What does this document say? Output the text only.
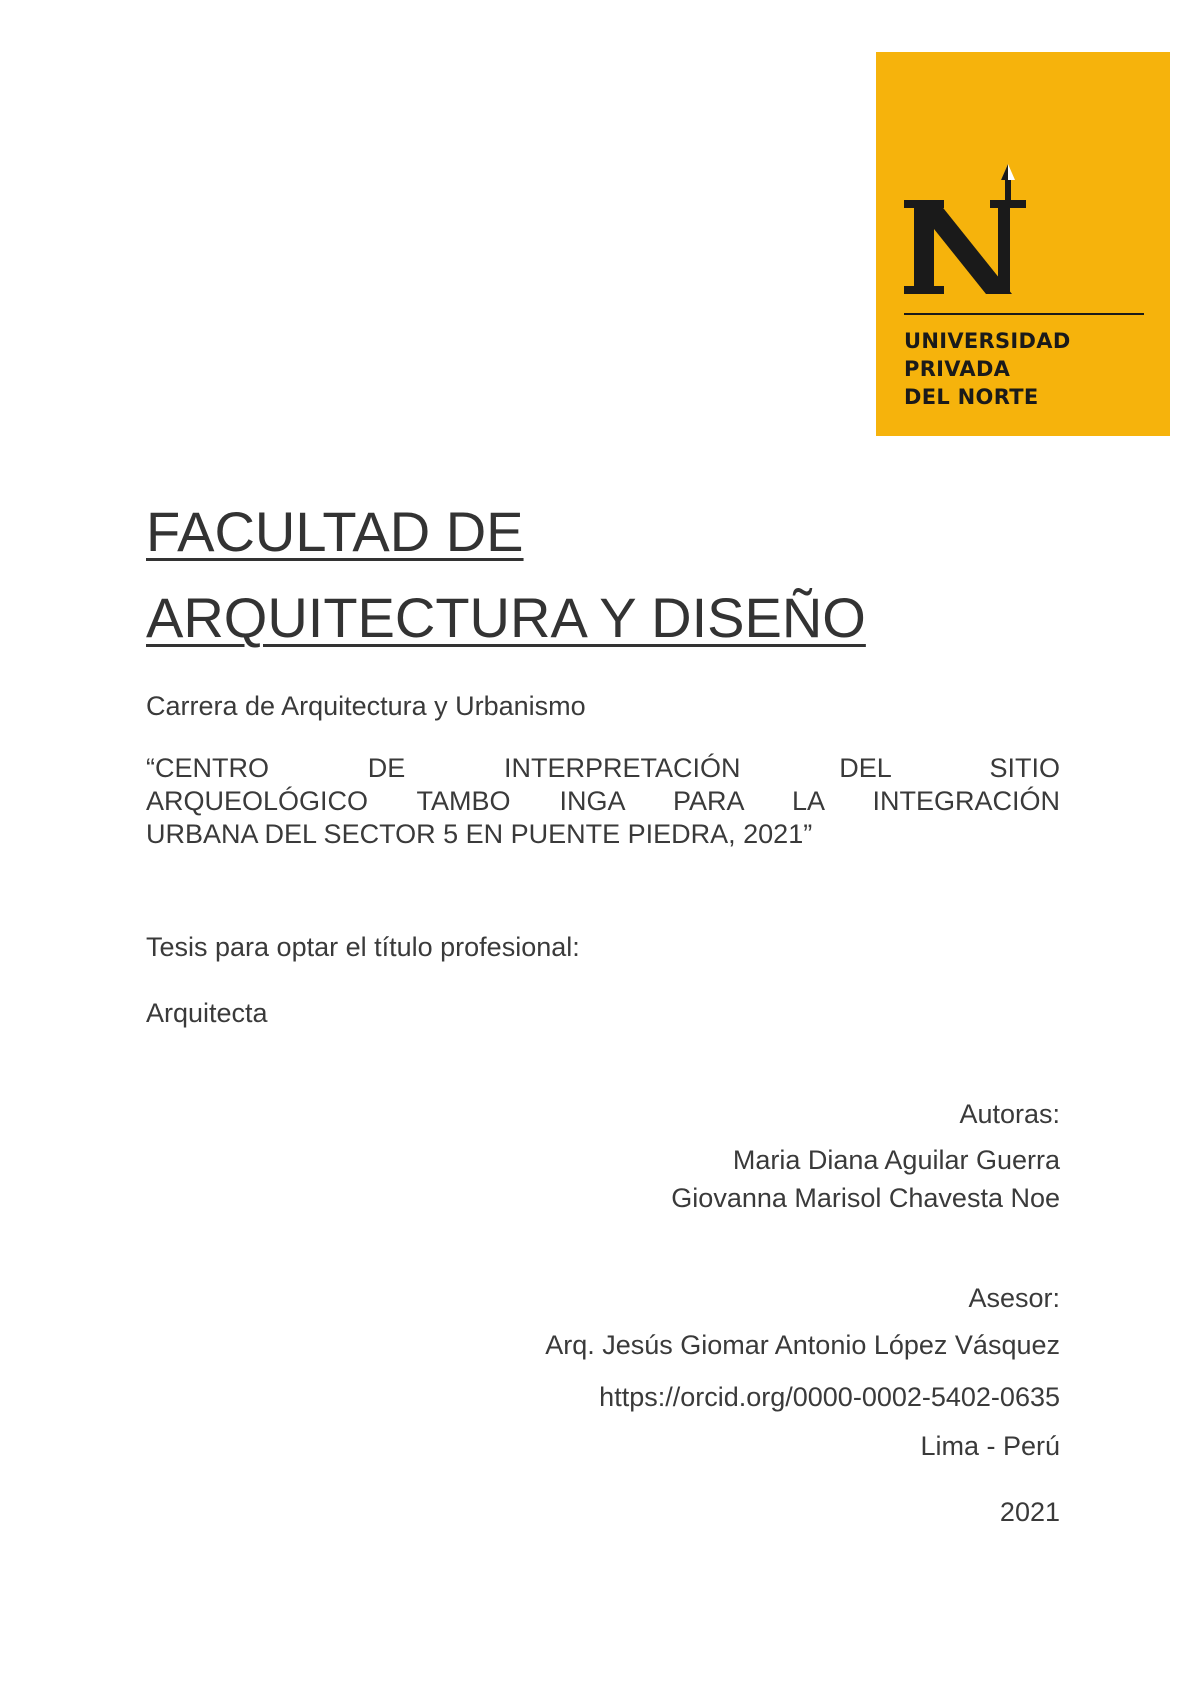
UNIVERSIDAD
PRIVADA
DEL NORTE
FACULTAD DE
ARQUITECTURA Y DISEÑO
Carrera de Arquitectura y Urbanismo
“CENTRO DE INTERPRETACIÓN DEL SITIO
ARQUEOLÓGICO TAMBO INGA PARA LA INTEGRACIÓN
URBANA DEL SECTOR 5 EN PUENTE PIEDRA, 2021”
Tesis para optar el título profesional:
Arquitecta
Autoras:
Maria Diana Aguilar Guerra
Giovanna Marisol Chavesta Noe
Asesor:
Arq. Jesús Giomar Antonio López Vásquez
https://orcid.org/0000-0002-5402-0635
Lima - Perú
2021
